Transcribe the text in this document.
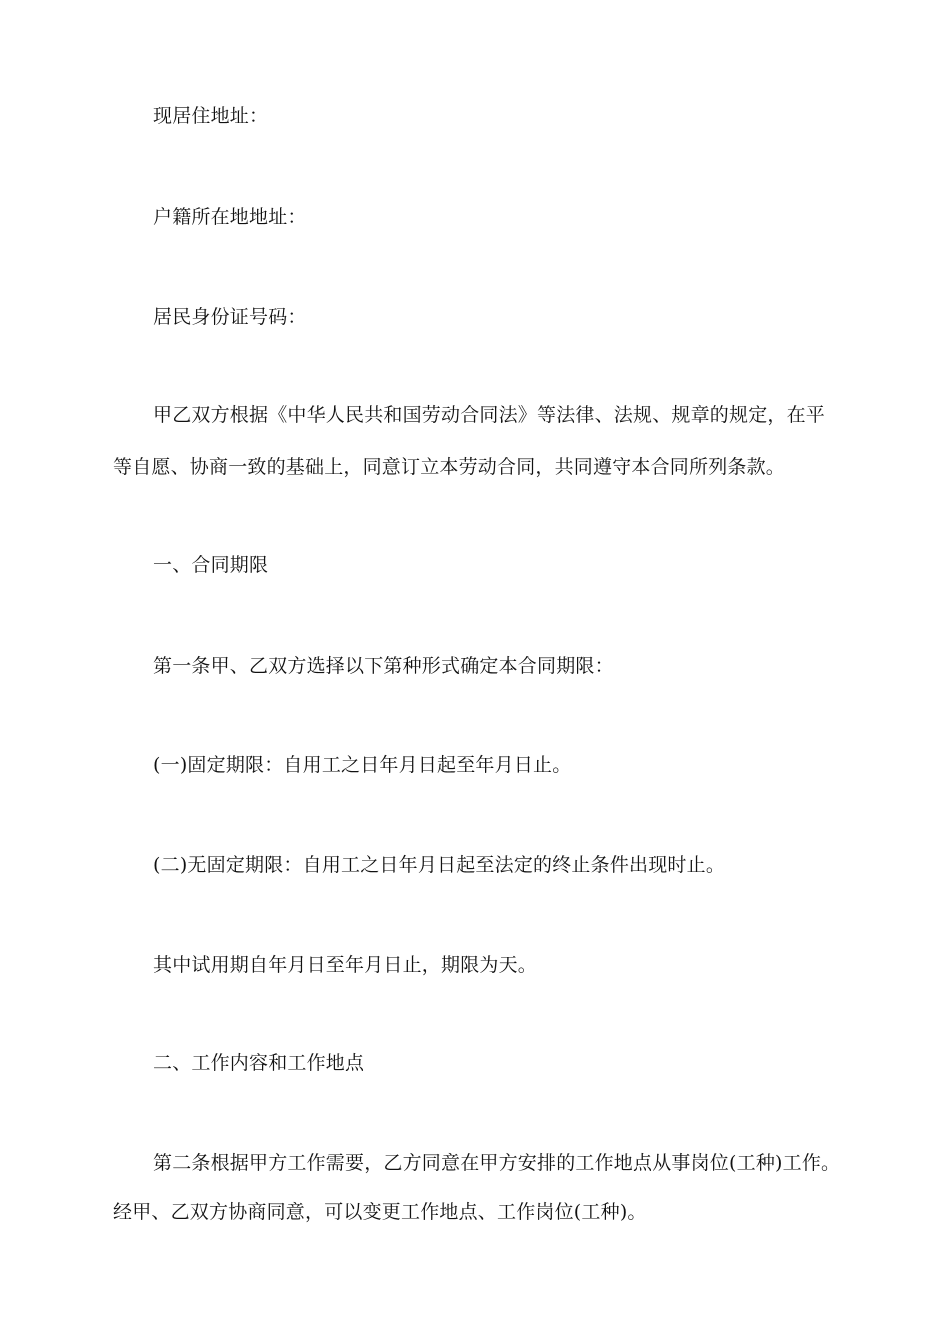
现居住地址：
户籍所在地地址：
居民身份证号码：
甲乙双方根据《中华人民共和国劳动合同法》等法律、法规、规章的规定，在平
等自愿、协商一致的基础上，同意订立本劳动合同，共同遵守本合同所列条款。
一、合同期限
第一条甲、乙双方选择以下第种形式确定本合同期限：
(一)固定期限：自用工之日年月日起至年月日止。
(二)无固定期限：自用工之日年月日起至法定的终止条件出现时止。
其中试用期自年月日至年月日止，期限为天。
二、工作内容和工作地点
第二条根据甲方工作需要，乙方同意在甲方安排的工作地点从事岗位(工种)工作。
经甲、乙双方协商同意，可以变更工作地点、工作岗位(工种)。
